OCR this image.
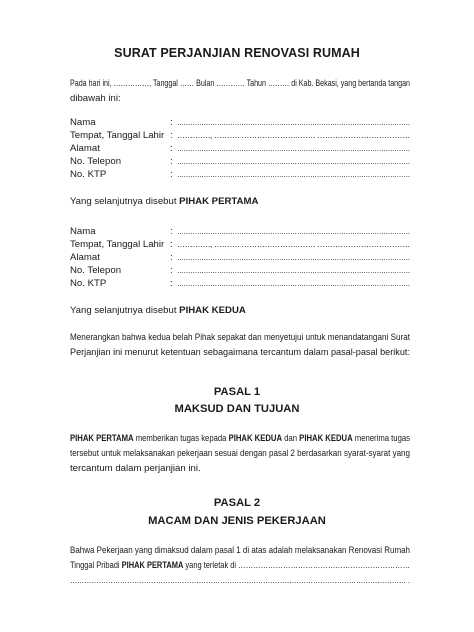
SURAT PERJANJIAN RENOVASI RUMAH
Pada hari ini, ……………, Tanggal …… Bulan ………… Tahun ……… di Kab. Bekasi, yang bertanda tangan
dibawah ini:
Nama	: ……………………………………………………………………………………………
Tempat, Tanggal Lahir : …………., ………. ………………….……. ………………………………
Alamat	: ……………………………………………………………………………………………
No. Telepon	: ……………………………………………………………………………………………
No. KTP	: ……………………………………………………………………………………………
Yang selanjutnya disebut PIHAK PERTAMA
Nama	: ……………………………………………………………………………………………
Tempat, Tanggal Lahir : …………., ………. ………………….……. ………………………………
Alamat	: ……………………………………………………………………………………………
No. Telepon	: ……………………………………………………………………………………………
No. KTP	: ……………………………………………………………………………………………
Yang selanjutnya disebut PIHAK KEDUA
Menerangkan bahwa kedua belah Pihak sepakat dan menyetujui untuk menandatangani Surat
Perjanjian ini menurut ketentuan sebagaimana tercantum dalam pasal-pasal berikut:
PASAL 1
MAKSUD DAN TUJUAN
PIHAK PERTAMA memberikan tugas kepada PIHAK KEDUA dan PIHAK KEDUA menerima tugas
tersebut untuk melaksanakan pekerjaan sesuai dengan pasal 2 berdasarkan syarat-syarat yang
tercantum dalam perjanjian ini.
PASAL 2
MACAM DAN JENIS PEKERJAAN
Bahwa Pekerjaan yang dimaksud dalam pasal 1 di atas adalah melaksanakan Renovasi Rumah
Tinggal Pribadi PIHAK PERTAMA yang terletak di ……………………………………………………………
…………………………………………………………………………………………………………………………… .
